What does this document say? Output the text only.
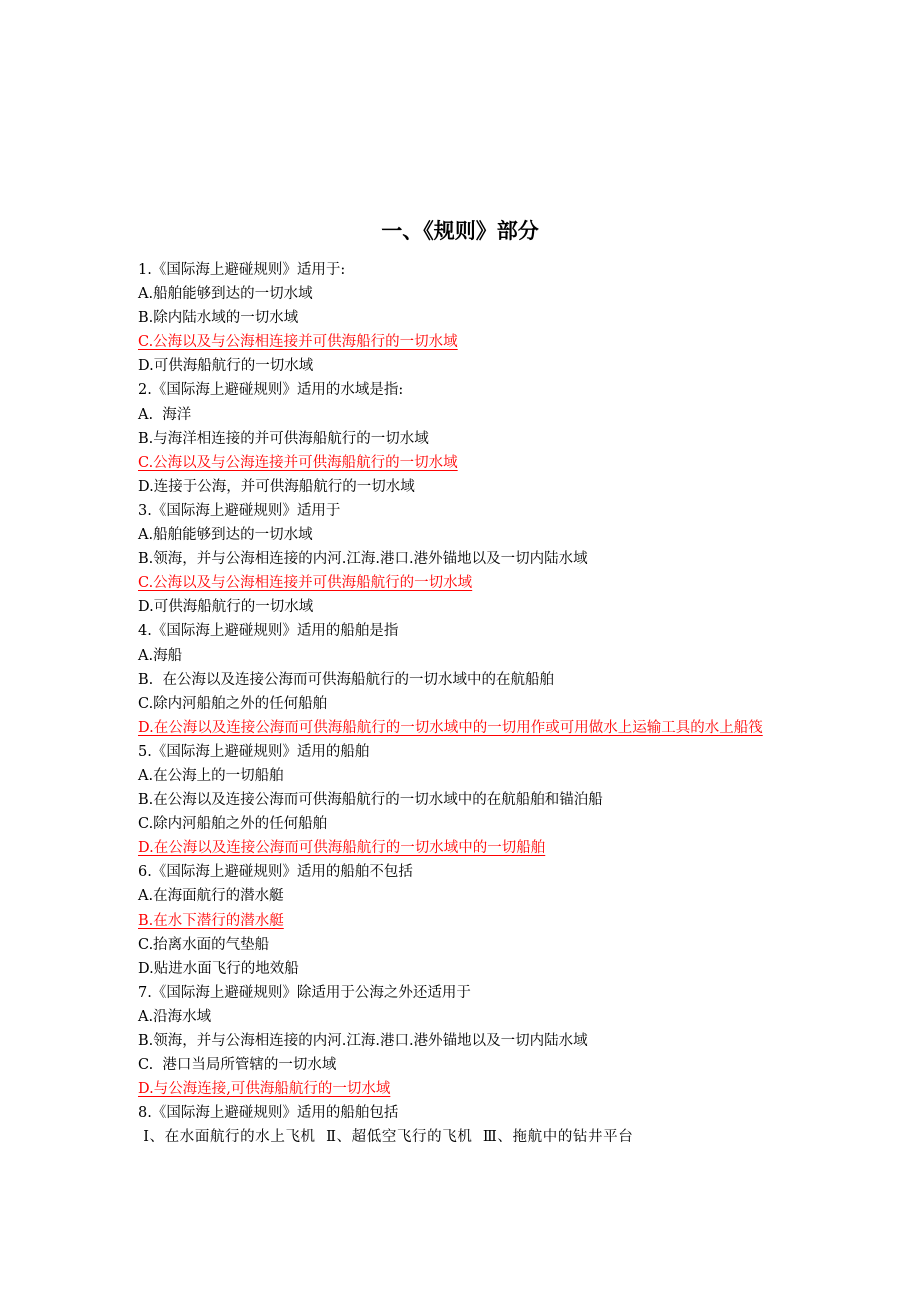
一、《规则》部分
1.《国际海上避碰规则》适用于:
A.船舶能够到达的一切水域
B.除内陆水域的一切水域
C.公海以及与公海相连接并可供海船行的一切水域
D.可供海船航行的一切水域
2.《国际海上避碰规则》适用的水域是指:
A.  海洋
B.与海洋相连接的并可供海船航行的一切水域
C.公海以及与公海连接并可供海船航行的一切水域
D.连接于公海，并可供海船航行的一切水域
3.《国际海上避碰规则》适用于
A.船舶能够到达的一切水域
B.领海，并与公海相连接的内河.江海.港口.港外锚地以及一切内陆水域
C.公海以及与公海相连接并可供海船航行的一切水域
D.可供海船航行的一切水域
4.《国际海上避碰规则》适用的船舶是指
A.海船
B.  在公海以及连接公海而可供海船航行的一切水域中的在航船舶
C.除内河船舶之外的任何船舶
D.在公海以及连接公海而可供海船航行的一切水域中的一切用作或可用做水上运输工具的水上船筏
5.《国际海上避碰规则》适用的船舶
A.在公海上的一切船舶
B.在公海以及连接公海而可供海船航行的一切水域中的在航船舶和锚泊船
C.除内河船舶之外的任何船舶
D.在公海以及连接公海而可供海船航行的一切水域中的一切船舶
6.《国际海上避碰规则》适用的船舶不包括
A.在海面航行的潜水艇
B.在水下潜行的潜水艇
C.抬离水面的气垫船
D.贴进水面飞行的地效船
7.《国际海上避碰规则》除适用于公海之外还适用于
A.沿海水域
B.领海，并与公海相连接的内河.江海.港口.港外锚地以及一切内陆水域
C.  港口当局所管辖的一切水域
D.与公海连接,可供海船航行的一切水域
8.《国际海上避碰规则》适用的船舶包括
Ⅰ、在水面航行的水上飞机  Ⅱ、超低空飞行的飞机  Ⅲ、拖航中的钻井平台
